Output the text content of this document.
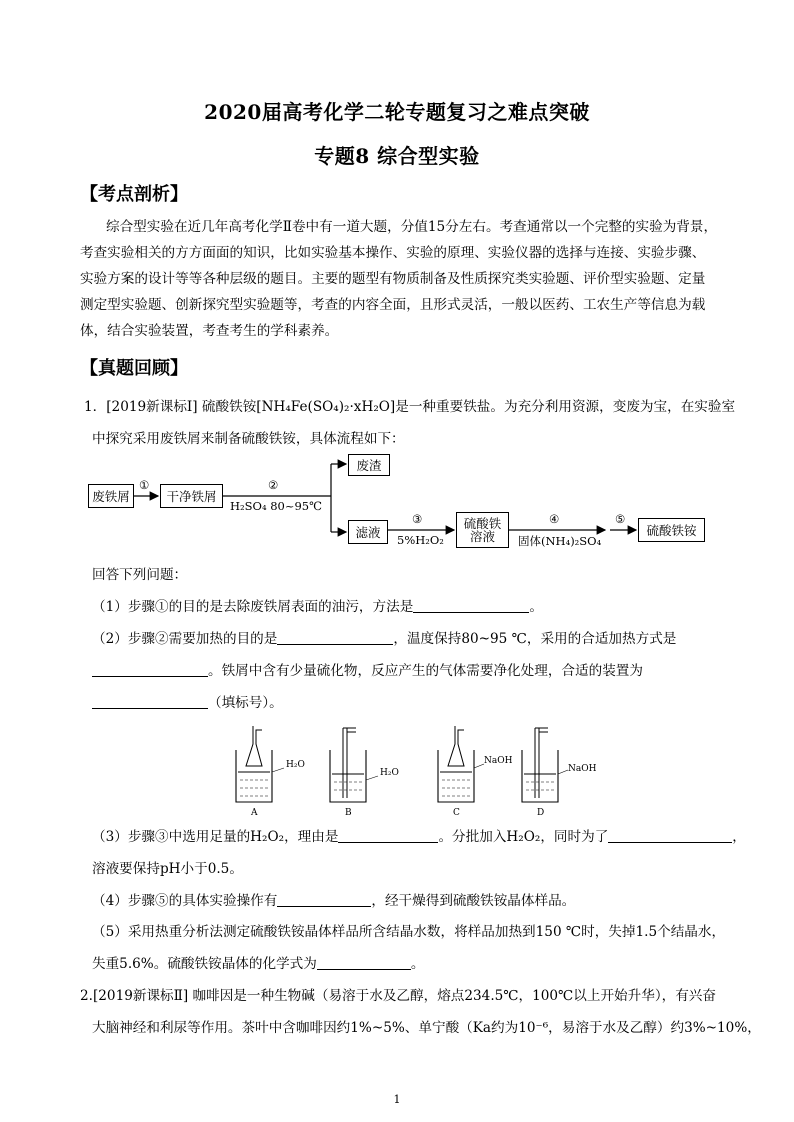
2020届高考化学二轮专题复习之难点突破
专题8 综合型实验
【考点剖析】
综合型实验在近几年高考化学Ⅱ卷中有一道大题，分值15分左右。考查通常以一个完整的实验为背景，
考查实验相关的方方面面的知识，比如实验基本操作、实验的原理、实验仪器的选择与连接、实验步骤、
实验方案的设计等等各种层级的题目。主要的题型有物质制备及性质探究类实验题、评价型实验题、定量
测定型实验题、创新探究型实验题等，考查的内容全面，且形式灵活，一般以医药、工农生产等信息为载
体，结合实验装置，考查考生的学科素养。
【真题回顾】
1．[2019新课标Ⅰ] 硫酸铁铵[NH₄Fe(SO₄)₂·xH₂O]是一种重要铁盐。为充分利用资源，变废为宝，在实验室
中探究采用废铁屑来制备硫酸铁铵，具体流程如下：
废铁屑	干净铁屑
废渣
滤液
硫酸铁
溶液	硫酸铁铵
①	②
H₂SO₄ 80~95℃
③
5%H₂O₂
④
固体(NH₄)₂SO₄
⑤
回答下列问题：
（1）步骤①的目的是去除废铁屑表面的油污，方法是	。
（2）步骤②需要加热的目的是	，温度保持80~95 ℃，采用的合适加热方式是
。铁屑中含有少量硫化物，反应产生的气体需要净化处理，合适的装置为
（填标号）。
H₂O
H₂O
NaOH
NaOH
A	B	C	D
（3）步骤③中选用足量的H₂O₂，理由是	。分批加入H₂O₂，同时为了	，
溶液要保持pH小于0.5。
（4）步骤⑤的具体实验操作有	，经干燥得到硫酸铁铵晶体样品。
（5）采用热重分析法测定硫酸铁铵晶体样品所含结晶水数，将样品加热到150 ℃时，失掉1.5个结晶水，
失重5.6%。硫酸铁铵晶体的化学式为	。
2.[2019新课标Ⅱ] 咖啡因是一种生物碱（易溶于水及乙醇，熔点234.5℃，100℃以上开始升华），有兴奋
大脑神经和利尿等作用。茶叶中含咖啡因约1%~5%、单宁酸（Ka约为10⁻⁶，易溶于水及乙醇）约3%~10%，
1
